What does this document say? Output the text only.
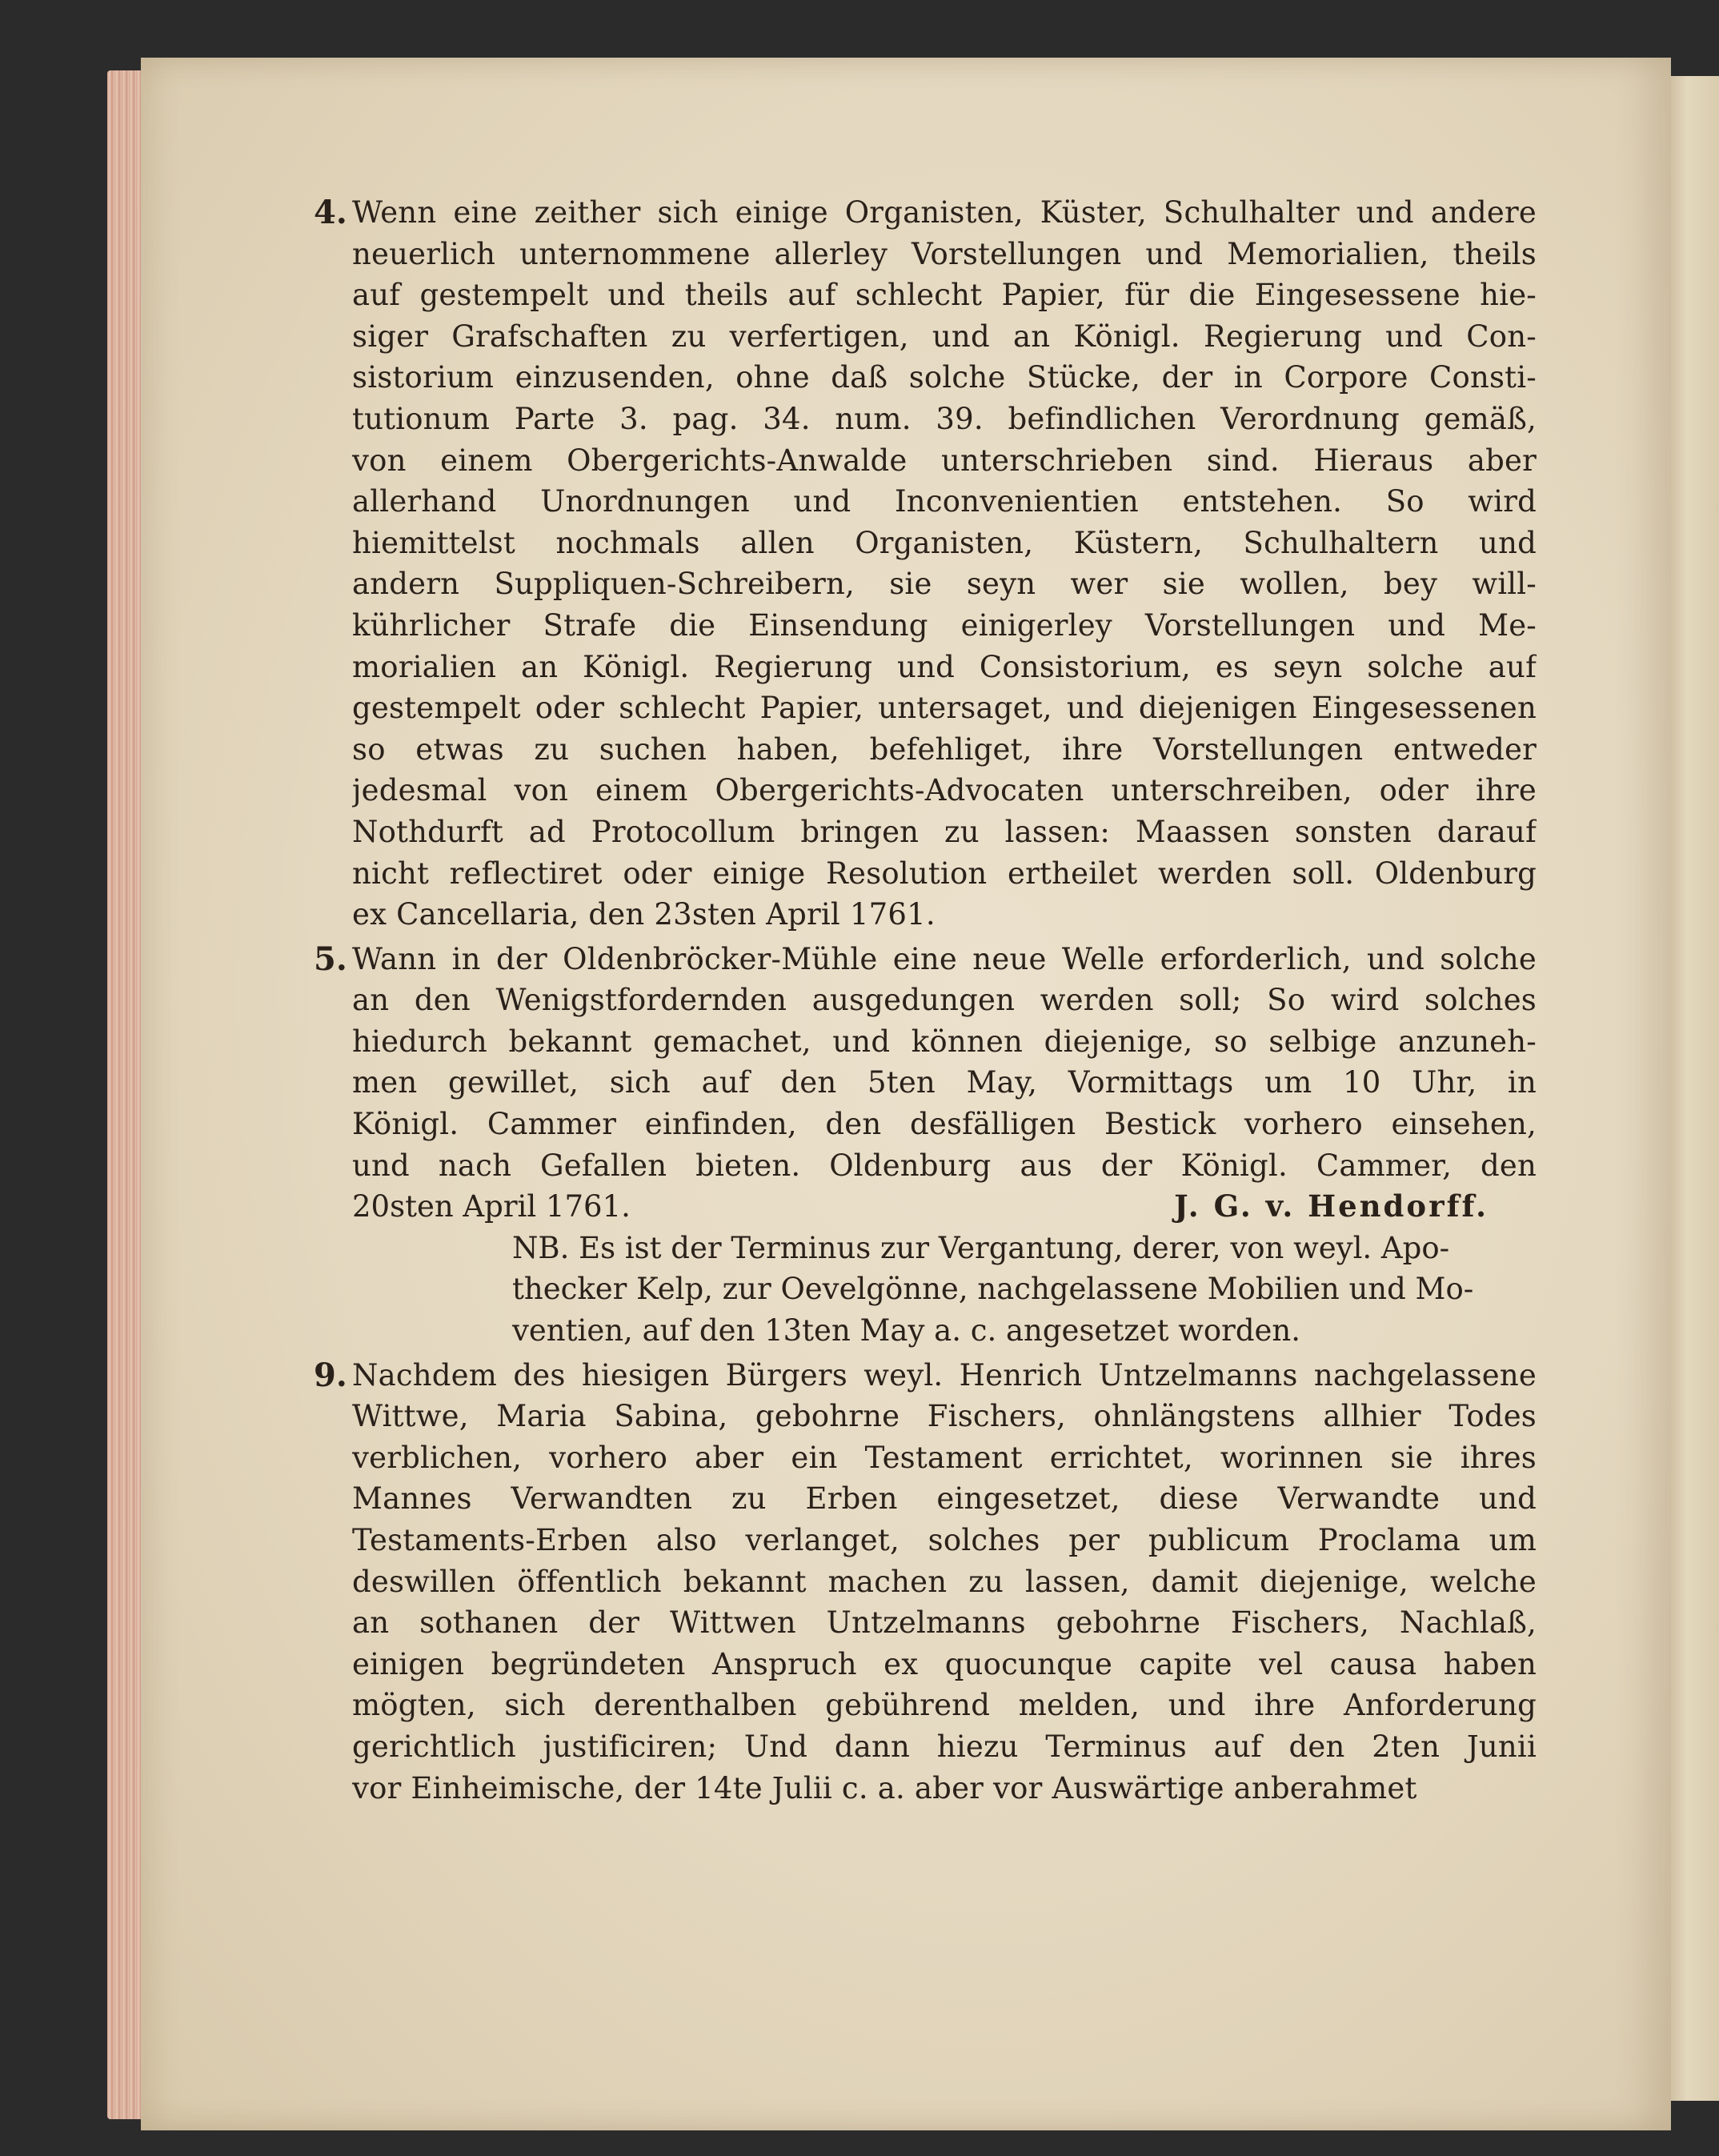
4. Wenn eine zeither sich einige Organisten, Küster, Schulhalter und andere
neuerlich unternommene allerley Vorstellungen und Memorialien, theils
auf gestempelt und theils auf schlecht Papier, für die Eingesessene hie-
siger Grafschaften zu verfertigen, und an Königl. Regierung und Con-
sistorium einzusenden, ohne daß solche Stücke, der in Corpore Consti-
tutionum Parte 3. pag. 34. num. 39. befindlichen Verordnung gemäß,
von einem Obergerichts-Anwalde unterschrieben sind. Hieraus aber
allerhand Unordnungen und Inconvenientien entstehen. So wird
hiemittelst nochmals allen Organisten, Küstern, Schulhaltern und
andern Suppliquen-Schreibern, sie seyn wer sie wollen, bey will-
kührlicher Strafe die Einsendung einigerley Vorstellungen und Me-
morialien an Königl. Regierung und Consistorium, es seyn solche auf
gestempelt oder schlecht Papier, untersaget, und diejenigen Eingesessenen
so etwas zu suchen haben, befehliget, ihre Vorstellungen entweder
jedesmal von einem Obergerichts-Advocaten unterschreiben, oder ihre
Nothdurft ad Protocollum bringen zu lassen: Maassen sonsten darauf
nicht reflectiret oder einige Resolution ertheilet werden soll. Oldenburg
ex Cancellaria, den 23sten April 1761.

5. Wann in der Oldenbröcker-Mühle eine neue Welle erforderlich, und solche
an den Wenigstfordernden ausgedungen werden soll; So wird solches
hiedurch bekannt gemachet, und können diejenige, so selbige anzuneh-
men gewillet, sich auf den 5ten May, Vormittags um 10 Uhr, in
Königl. Cammer einfinden, den desfälligen Bestick vorhero einsehen,
und nach Gefallen bieten. Oldenburg aus der Königl. Cammer, den

20sten April 1761.	J. G. v. Hendorff.
NB. Es ist der Terminus zur Vergantung, derer, von weyl. Apo-
thecker Kelp, zur Oevelgönne, nachgelassene Mobilien und Mo-
ventien, auf den 13ten May a. c. angesetzet worden.
9. Nachdem des hiesigen Bürgers weyl. Henrich Untzelmanns nachgelassene
Wittwe, Maria Sabina, gebohrne Fischers, ohnlängstens allhier Todes
verblichen, vorhero aber ein Testament errichtet, worinnen sie ihres
Mannes Verwandten zu Erben eingesetzet, diese Verwandte und
Testaments-Erben also verlanget, solches per publicum Proclama um
deswillen öffentlich bekannt machen zu lassen, damit diejenige, welche
an sothanen der Wittwen Untzelmanns gebohrne Fischers, Nachlaß,
einigen begründeten Anspruch ex quocunque capite vel causa haben
mögten, sich derenthalben gebührend melden, und ihre Anforderung
gerichtlich justificiren; Und dann hiezu Terminus auf den 2ten Junii
vor Einheimische, der 14te Julii c. a. aber vor Auswärtige anberahmet
